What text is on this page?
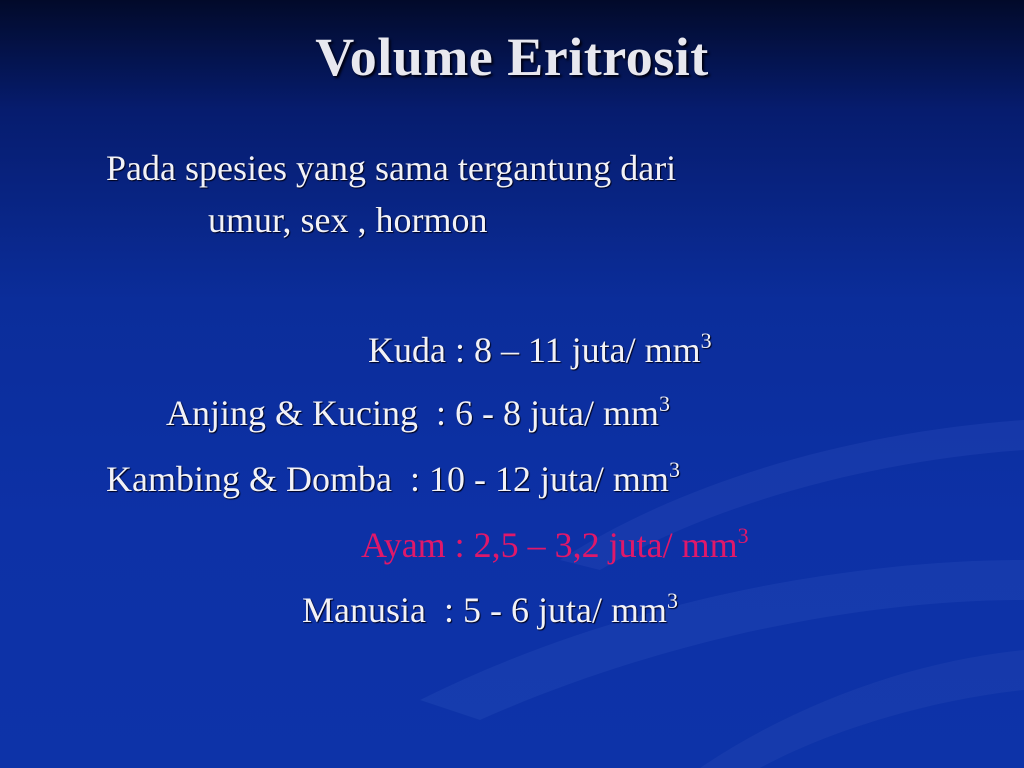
Volume Eritrosit
Pada spesies yang sama tergantung dari
umur, sex , hormon
Kuda : 8 – 11 juta/ $mm^3$
Anjing & Kucing  : 6 - 8 juta/ $mm^3$
Kambing & Domba  : 10 - 12 juta/ $mm^3$
Ayam : 2,5 – 3,2 juta/ $mm^3$
Manusia  : 5 - 6 juta/ $mm^3$
